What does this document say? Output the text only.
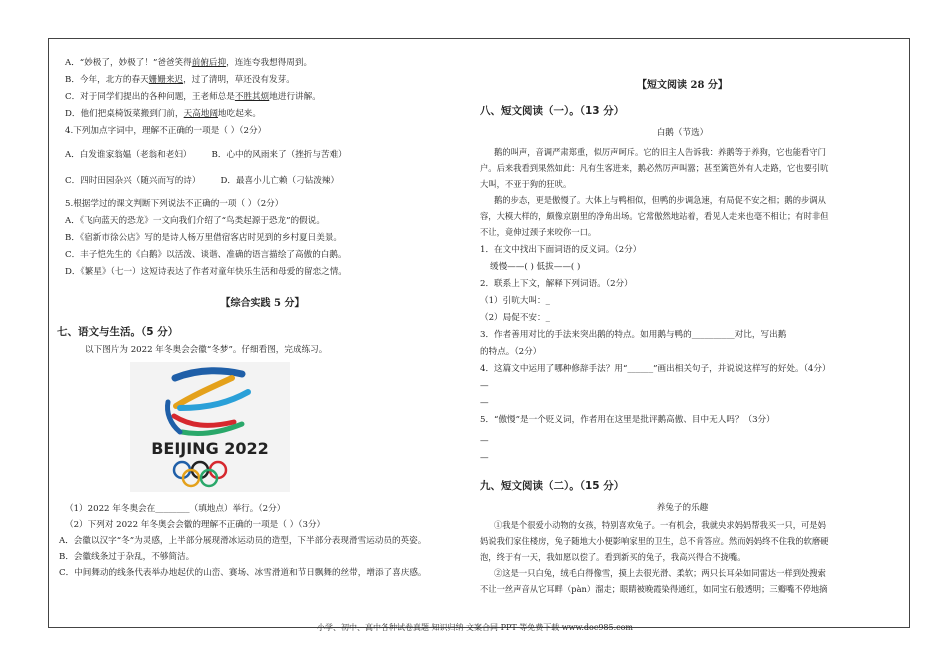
A．“妙极了，妙极了！”爸爸笑得前俯后抑，连连夸我想得周到。

B．今年，北方的春天姗姗来迟，过了清明，草还没有发芽。

C．对于同学们提出的各种问题，王老师总是不胜其烦地进行讲解。

D．他们把桌椅饭菜搬到门前，天高地阔地吃起来。

4.下列加点字词中，理解不正确的一项是（ ）（2分）

A．白发谁家翁媪（老翁和老妇） B．心中的风雨来了（挫折与苦难）

C．四时田园杂兴（随兴而写的诗） D．最喜小儿亡赖（刁钻泼辣）

5.根据学过的课文判断下列说法不正确的一项（ ）（2分）

A．《飞向蓝天的恐龙》一文向我们介绍了“鸟类起源于恐龙”的假说。

B．《宿新市徐公店》写的是诗人杨万里借宿客店时见到的乡村夏日美景。

C．丰子恺先生的《白鹅》以活泼、谈谐、准确的语言描绘了高傲的白鹅。

D．《繁星》（七一）这短诗表达了作者对童年快乐生活和母爱的留恋之情。

【综合实践 5 分】

七、语文与生活。（5 分）

以下图片为 2022 年冬奥会会徽“冬梦”。仔细看图，完成练习。

BEIJING 2022

（1）2022 年冬奥会在________（填地点）举行。（2分）

（2）下列对 2022 年冬奥会会徽的理解不正确的一项是（ ）（3分）

A．会徽以汉字“冬”为灵感，上半部分展现滑冰运动员的造型，下半部分表现滑雪运动员的英姿。

B．会徽线条过于杂乱，不够简洁。

C．中间舞动的线条代表举办地起伏的山峦、赛场、冰雪滑道和节日飘舞的丝带，增添了喜庆感。

【短文阅读 28 分】

八、短文阅读（一）。（13 分）

白鹅（节选）

鹅的叫声，音调严肃郑重，似厉声呵斥。它的旧主人告诉我：养鹅等于养狗，它也能看守门

户。后来我看到果然如此：凡有生客进来，鹅必然厉声叫嚣；甚至篱笆外有人走路，它也要引吭

大叫，不亚于狗的狂吠。

鹅的步态，更是傲慢了。大体上与鸭相似，但鸭的步调急速，有局促不安之相；鹅的步调从

容，大模大样的，颇像京剧里的净角出场。它常傲然地站着，看见人走来也毫不相让；有时非但

不让，竟伸过颈子来咬你一口。

1．在文中找出下面词语的反义词。（2分）

缓慢——( ) 低拔——( )

2．联系上下文，解释下列词语。（2分）

（1）引吭大叫：_

（2）局促不安：_

3．作者善用对比的手法来突出鹅的特点。如用鹅与鸭的__________对比，写出鹅

的特点。（2分）

4．这篇文中运用了哪种修辞手法？用“______”画出相关句子，并说说这样写的好处。（4分）

—

—

5．“傲慢”是一个贬义词，作者用在这里是批评鹅高傲、目中无人吗？（3分）

—

—

九、短文阅读（二）。（15 分）

养兔子的乐趣

①我是个很爱小动物的女孩，特别喜欢兔子。一有机会，我就央求妈妈帮我买一只，可是妈

妈说我们家住楼房，兔子随地大小便影响家里的卫生，总不肯答应。然而妈妈终不住我的软磨硬

泡，终于有一天，我如愿以偿了。看到新买的兔子，我高兴得合不拢嘴。

②这是一只白兔，绒毛白得像雪，摸上去很光滑、柔软；两只长耳朵如同雷达一样到处搜索

不让一丝声音从它耳畔（pàn）溜走；眼睛被晚霞染得通红，如同宝石般透明；三瓣嘴不停地摘

小学、初中、高中各种试卷真题 知识归纳 文案合同 PPT 等免费下载 www.doc985.com
